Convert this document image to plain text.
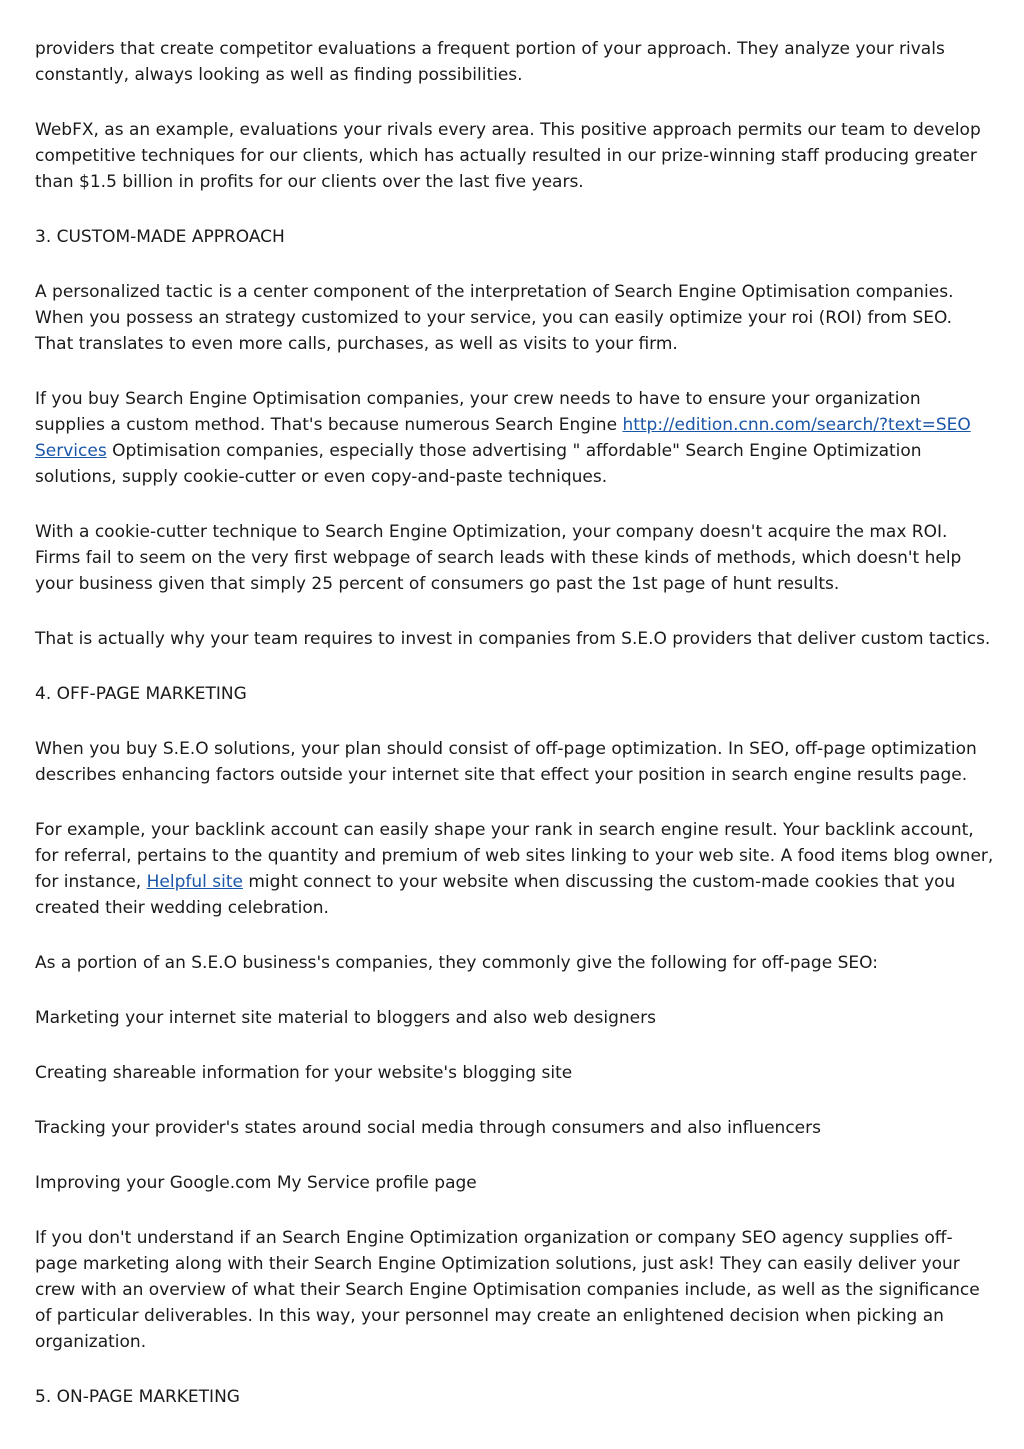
providers that create competitor evaluations a frequent portion of your approach. They analyze your rivals constantly, always looking as well as finding possibilities.

WebFX, as an example, evaluations your rivals every area. This positive approach permits our team to develop competitive techniques for our clients, which has actually resulted in our prize-winning staff producing greater than $1.5 billion in profits for our clients over the last five years.

3. CUSTOM-MADE APPROACH

A personalized tactic is a center component of the interpretation of Search Engine Optimisation companies. When you possess an strategy customized to your service, you can easily optimize your roi (ROI) from SEO. That translates to even more calls, purchases, as well as visits to your firm.

If you buy Search Engine Optimisation companies, your crew needs to have to ensure your organization supplies a custom method. That's because numerous Search Engine http://edition.cnn.com/search/?text=SEO Services Optimisation companies, especially those advertising " affordable" Search Engine Optimization solutions, supply cookie-cutter or even copy-and-paste techniques.

With a cookie-cutter technique to Search Engine Optimization, your company doesn't acquire the max ROI. Firms fail to seem on the very first webpage of search leads with these kinds of methods, which doesn't help your business given that simply 25 percent of consumers go past the 1st page of hunt results.

That is actually why your team requires to invest in companies from S.E.O providers that deliver custom tactics.

4. OFF-PAGE MARKETING

When you buy S.E.O solutions, your plan should consist of off-page optimization. In SEO, off-page optimization describes enhancing factors outside your internet site that effect your position in search engine results page.

For example, your backlink account can easily shape your rank in search engine result. Your backlink account, for referral, pertains to the quantity and premium of web sites linking to your web site. A food items blog owner, for instance, Helpful site might connect to your website when discussing the custom-made cookies that you created their wedding celebration.

As a portion of an S.E.O business's companies, they commonly give the following for off-page SEO:

Marketing your internet site material to bloggers and also web designers

Creating shareable information for your website's blogging site

Tracking your provider's states around social media through consumers and also influencers

Improving your Google.com My Service profile page

If you don't understand if an Search Engine Optimization organization or company SEO agency supplies off-page marketing along with their Search Engine Optimization solutions, just ask! They can easily deliver your crew with an overview of what their Search Engine Optimisation companies include, as well as the significance of particular deliverables. In this way, your personnel may create an enlightened decision when picking an organization.

5. ON-PAGE MARKETING
